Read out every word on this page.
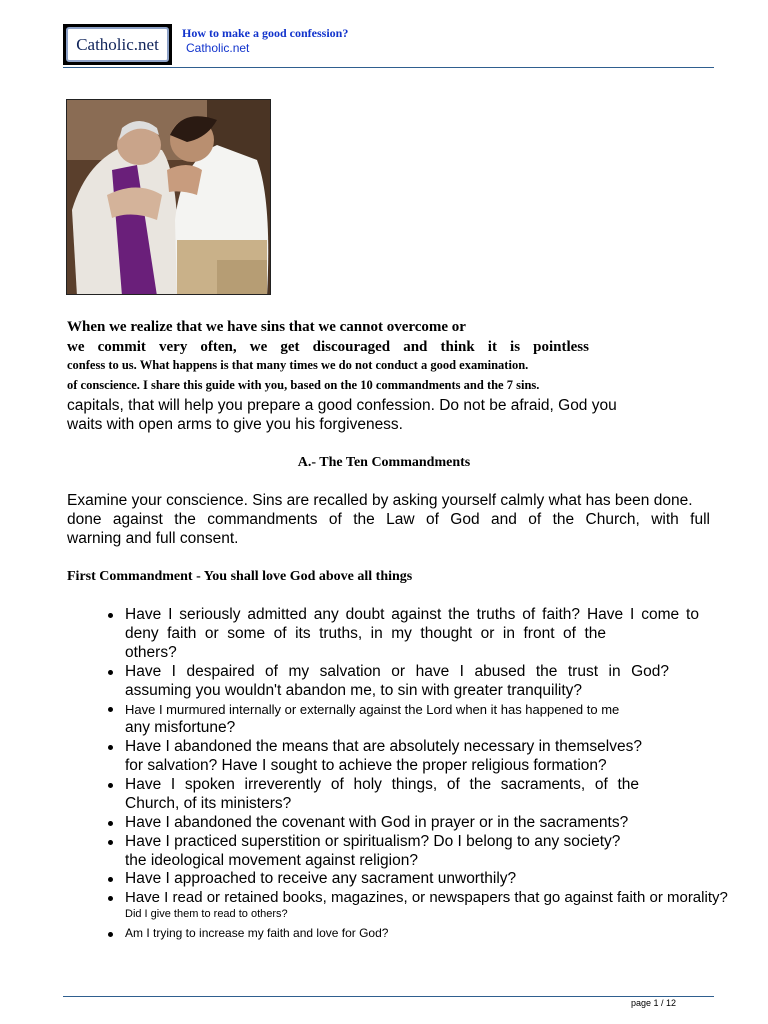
Catholic.net
How to make a good confession?
Catholic.net
When we realize that we have sins that we cannot overcome or
we commit very often, we get discouraged and think it is pointless
confess to us. What happens is that many times we do not conduct a good examination.
of conscience. I share this guide with you, based on the 10 commandments and the 7 sins.
capitals, that will help you prepare a good confession. Do not be afraid, God you
waits with open arms to give you his forgiveness.
A.- The Ten Commandments
Examine your conscience. Sins are recalled by asking yourself calmly what has been done.
done against the commandments of the Law of God and of the Church, with full
warning and full consent.
First Commandment - You shall love God above all things
Have I seriously admitted any doubt against the truths of faith? Have I come to
deny faith or some of its truths, in my thought or in front of the
others?
Have I despaired of my salvation or have I abused the trust in God?
assuming you wouldn't abandon me, to sin with greater tranquility?
Have I murmured internally or externally against the Lord when it has happened to me
any misfortune?
Have I abandoned the means that are absolutely necessary in themselves?
for salvation? Have I sought to achieve the proper religious formation?
Have I spoken irreverently of holy things, of the sacraments, of the
Church, of its ministers?
Have I abandoned the covenant with God in prayer or in the sacraments?
Have I practiced superstition or spiritualism? Do I belong to any society?
the ideological movement against religion?
Have I approached to receive any sacrament unworthily?
Have I read or retained books, magazines, or newspapers that go against faith or morality?
Did I give them to read to others?
Am I trying to increase my faith and love for God?
page 1 / 12
